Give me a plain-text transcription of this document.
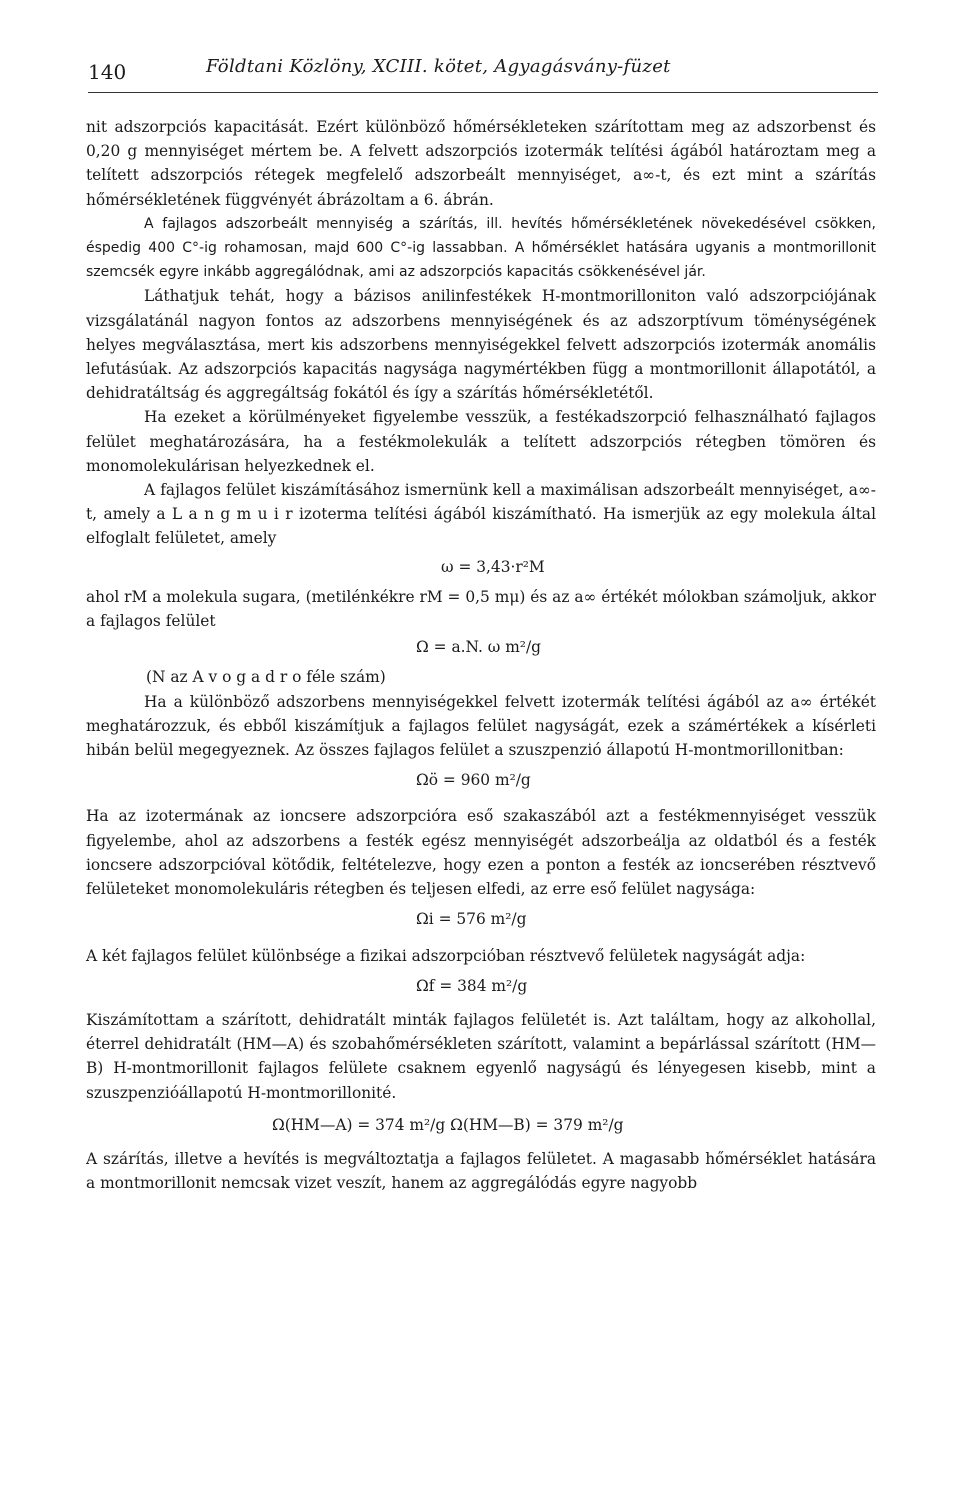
140	Földtani Közlöny, XCIII. kötet, Agyagásvány-füzet

nit adszorpciós kapacitását. Ezért különböző hőmérsékleteken szárítottam meg az adszorbenst és 0,20 g mennyiséget mértem be. A felvett adszorpciós izotermák telítési ágából határoztam meg a telített adszorpciós rétegek megfelelő adszorbeált mennyiséget, a∞-t, és ezt mint a szárítás hőmérsékletének függvényét ábrázoltam a 6. ábrán.

A fajlagos adszorbeált mennyiség a szárítás, ill. hevítés hőmérsékletének növekedésével csökken, éspedig 400 C°-ig rohamosan, majd 600 C°-ig lassabban. A hőmérséklet hatására ugyanis a montmorillonit szemcsék egyre inkább aggregálódnak, ami az adszorpciós kapacitás csökkenésével jár.

Láthatjuk tehát, hogy a bázisos anilinfestékek H-montmorilloniton való adszorpciójának vizsgálatánál nagyon fontos az adszorbens mennyiségének és az adszorptívum töménységének helyes megválasztása, mert kis adszorbens mennyiségekkel felvett adszorpciós izotermák anomális lefutásúak. Az adszorpciós kapacitás nagysága nagymértékben függ a montmorillonit állapotától, a dehidratáltság és aggregáltság fokától és így a szárítás hőmérsékletétől.

Ha ezeket a körülményeket figyelembe vesszük, a festékadszorpció felhasználható fajlagos felület meghatározására, ha a festékmolekulák a telített adszorpciós rétegben tömören és monomolekulárisan helyezkednek el.

A fajlagos felület kiszámításához ismernünk kell a maximálisan adszorbeált mennyiséget, a∞-t, amely a L a n g m u i r izoterma telítési ágából kiszámítható. Ha ismerjük az egy molekula által elfoglalt felületet, amely

ω = 3,43·r²M

ahol rM a molekula sugara, (metilénkékre rM = 0,5 mμ) és az a∞ értékét mólokban számoljuk, akkor a fajlagos felület

Ω = a.N. ω m²/g

(N az A v o g a d r o féle szám)

Ha a különböző adszorbens mennyiségekkel felvett izotermák telítési ágából az a∞ értékét meghatározzuk, és ebből kiszámítjuk a fajlagos felület nagyságát, ezek a számértékek a kísérleti hibán belül megegyeznek. Az összes fajlagos felület a szuszpenzió állapotú H-montmorillonitban:

Ωö = 960 m²/g

Ha az izotermának az ioncsere adszorpcióra eső szakaszából azt a festékmennyiséget vesszük figyelembe, ahol az adszorbens a festék egész mennyiségét adszorbeálja az oldatból és a festék ioncsere adszorpcióval kötődik, feltételezve, hogy ezen a ponton a festék az ioncserében résztvevő felületeket monomolekuláris rétegben és teljesen elfedi, az erre eső felület nagysága:

Ωi = 576 m²/g

A két fajlagos felület különbsége a fizikai adszorpcióban résztvevő felületek nagyságát adja:

Ωf = 384 m²/g

Kiszámítottam a szárított, dehidratált minták fajlagos felületét is. Azt találtam, hogy az alkohollal, éterrel dehidratált (HM—A) és szobahőmérsékleten szárított, valamint a bepárlással szárított (HM—B) H-montmorillonit fajlagos felülete csaknem egyenlő nagyságú és lényegesen kisebb, mint a szuszpenzióállapotú H-montmorillonité.

Ω(HM—A) = 374 m²/g Ω(HM—B) = 379 m²/g

A szárítás, illetve a hevítés is megváltoztatja a fajlagos felületet. A magasabb hőmérséklet hatására a montmorillonit nemcsak vizet veszít, hanem az aggregálódás egyre nagyobb
